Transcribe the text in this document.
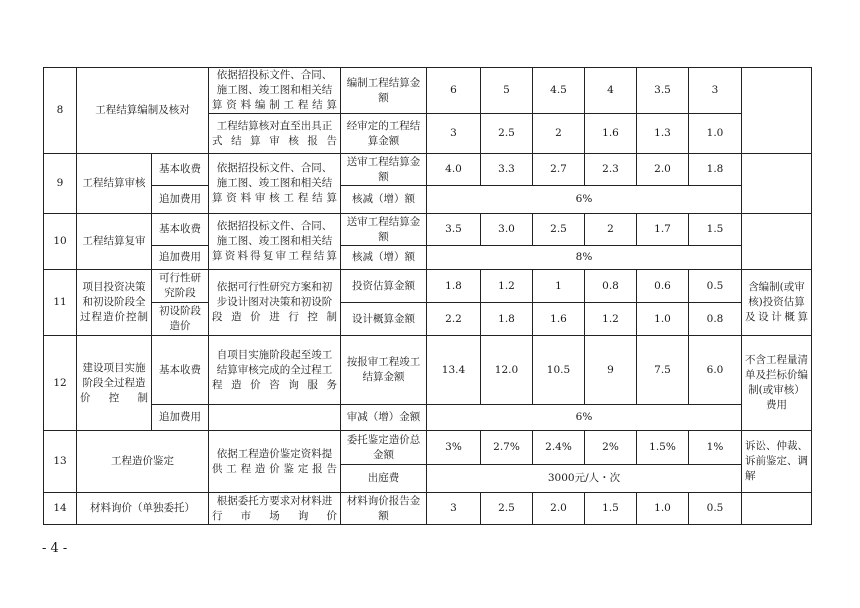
8	工程结算编制及核对		依据招投标文件、合同、施工图、竣工图和相关结算资料编制工程结算	编制工程结算金额	6	5	4.5	4	3.5	3	
			工程结算核对直至出具正式结算审核报告	经审定的工程结算金额	3	2.5	2	1.6	1.3	1.0	
9	工程结算审核	基本收费	依据招投标文件、合同、施工图、竣工图和相关结算资料审核工程结算	送审工程结算金额	4.0	3.3	2.7	2.3	2.0	1.8	
		追加费用		核减（增）额	6%						
10	工程结算复审	基本收费	依据招投标文件、合同、施工图、竣工图和相关结算资料得复审工程结算	送审工程结算金额	3.5	3.0	2.5	2	1.7	1.5	
		追加费用		核减（增）额	8%						
11	项目投资决策和初设阶段全过程造价控制	可行性研究阶段	依据可行性研究方案和初步设计图对决策和初设阶段造价进行控制	投资估算金额	1.8	1.2	1	0.8	0.6	0.5	含编制(或审核)投资估算及设计概算
		初设阶段造价		设计概算金额	2.2	1.8	1.6	1.2	1.0	0.8	
12	建设项目实施阶段全过程造价控制	基本收费	自项目实施阶段起至竣工结算审核完成的全过程工程造价咨询服务	按报审工程竣工结算金额	13.4	12.0	10.5	9	7.5	6.0	不含工程量清单及拦标价编制(或审核）费用
		追加费用		审减（增）金额	6%						
13	工程造价鉴定		依据工程造价鉴定资料提供工程造价鉴定报告	委托鉴定造价总金额	3%	2.7%	2.4%	2%	1.5%	1%	诉讼、仲裁、诉前鉴定、调解
				出庭费	3000元/人・次						
14	材料询价（单独委托）		根据委托方要求对材料进行市场询价	材料询价报告金额	3	2.5	2.0	1.5	1.0	0.5	
- 4 -
